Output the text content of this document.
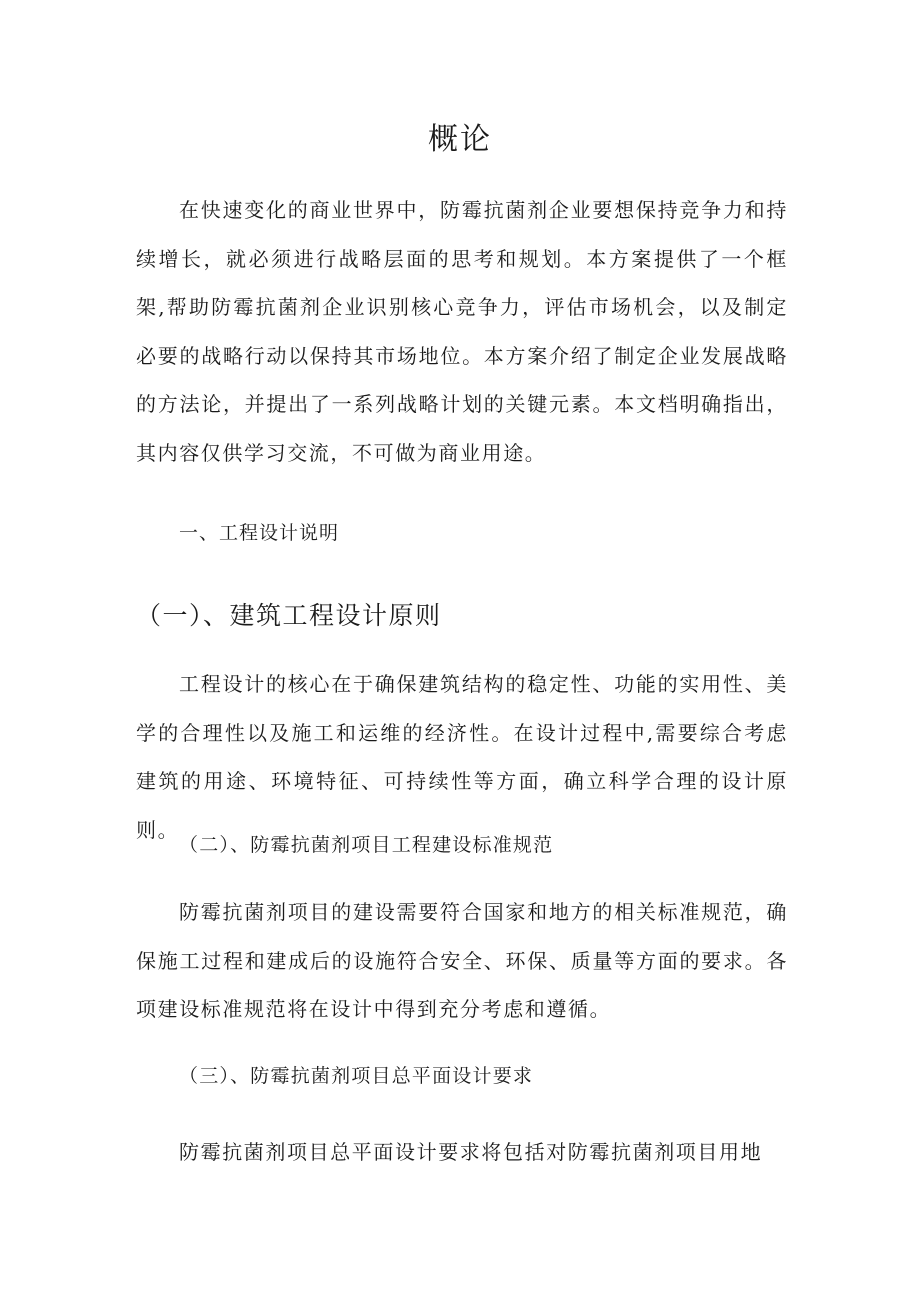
概论

在快速变化的商业世界中，防霉抗菌剂企业要想保持竞争力和持续增长，就必须进行战略层面的思考和规划。本方案提供了一个框架,帮助防霉抗菌剂企业识别核心竞争力，评估市场机会，以及制定必要的战略行动以保持其市场地位。本方案介绍了制定企业发展战略的方法论，并提出了一系列战略计划的关键元素。本文档明确指出，其内容仅供学习交流，不可做为商业用途。

一、工程设计说明
（一）、建筑工程设计原则

工程设计的核心在于确保建筑结构的稳定性、功能的实用性、美学的合理性以及施工和运维的经济性。在设计过程中,需要综合考虑建筑的用途、环境特征、可持续性等方面，确立科学合理的设计原则。

（二）、防霉抗菌剂项目工程建设标准规范

防霉抗菌剂项目的建设需要符合国家和地方的相关标准规范，确保施工过程和建成后的设施符合安全、环保、质量等方面的要求。各项建设标准规范将在设计中得到充分考虑和遵循。

（三）、防霉抗菌剂项目总平面设计要求

防霉抗菌剂项目总平面设计要求将包括对防霉抗菌剂项目用地
